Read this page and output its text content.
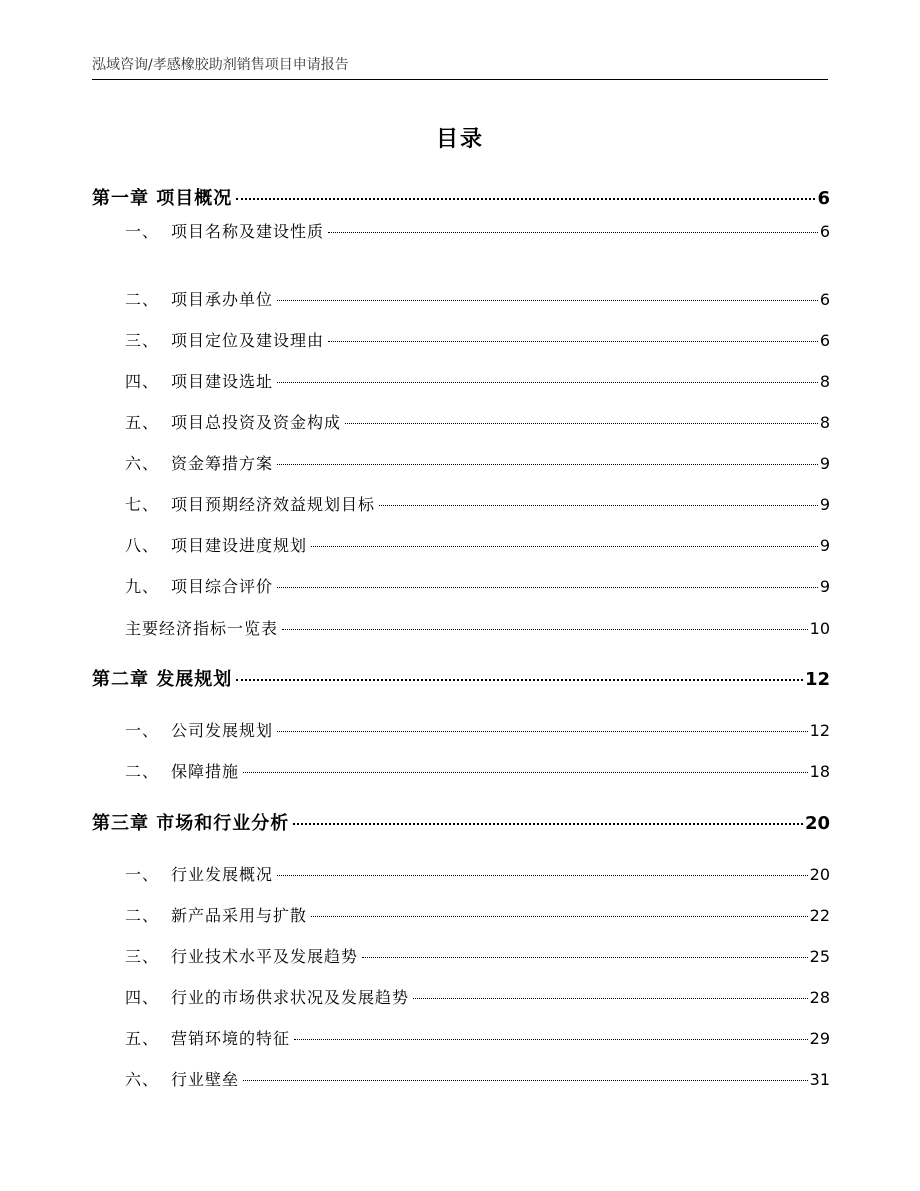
泓域咨询/孝感橡胶助剂销售项目申请报告
目录
第一章 项目概况	6
一、 项目名称及建设性质	6
二、 项目承办单位	6
三、 项目定位及建设理由	6
四、 项目建设选址	8
五、 项目总投资及资金构成	8
六、 资金筹措方案	9
七、 项目预期经济效益规划目标	9
八、 项目建设进度规划	9
九、 项目综合评价	9
主要经济指标一览表	10
第二章 发展规划	12
一、 公司发展规划	12
二、 保障措施	18
第三章 市场和行业分析	20
一、 行业发展概况	20
二、 新产品采用与扩散	22
三、 行业技术水平及发展趋势	25
四、 行业的市场供求状况及发展趋势	28
五、 营销环境的特征	29
六、 行业壁垒	31
